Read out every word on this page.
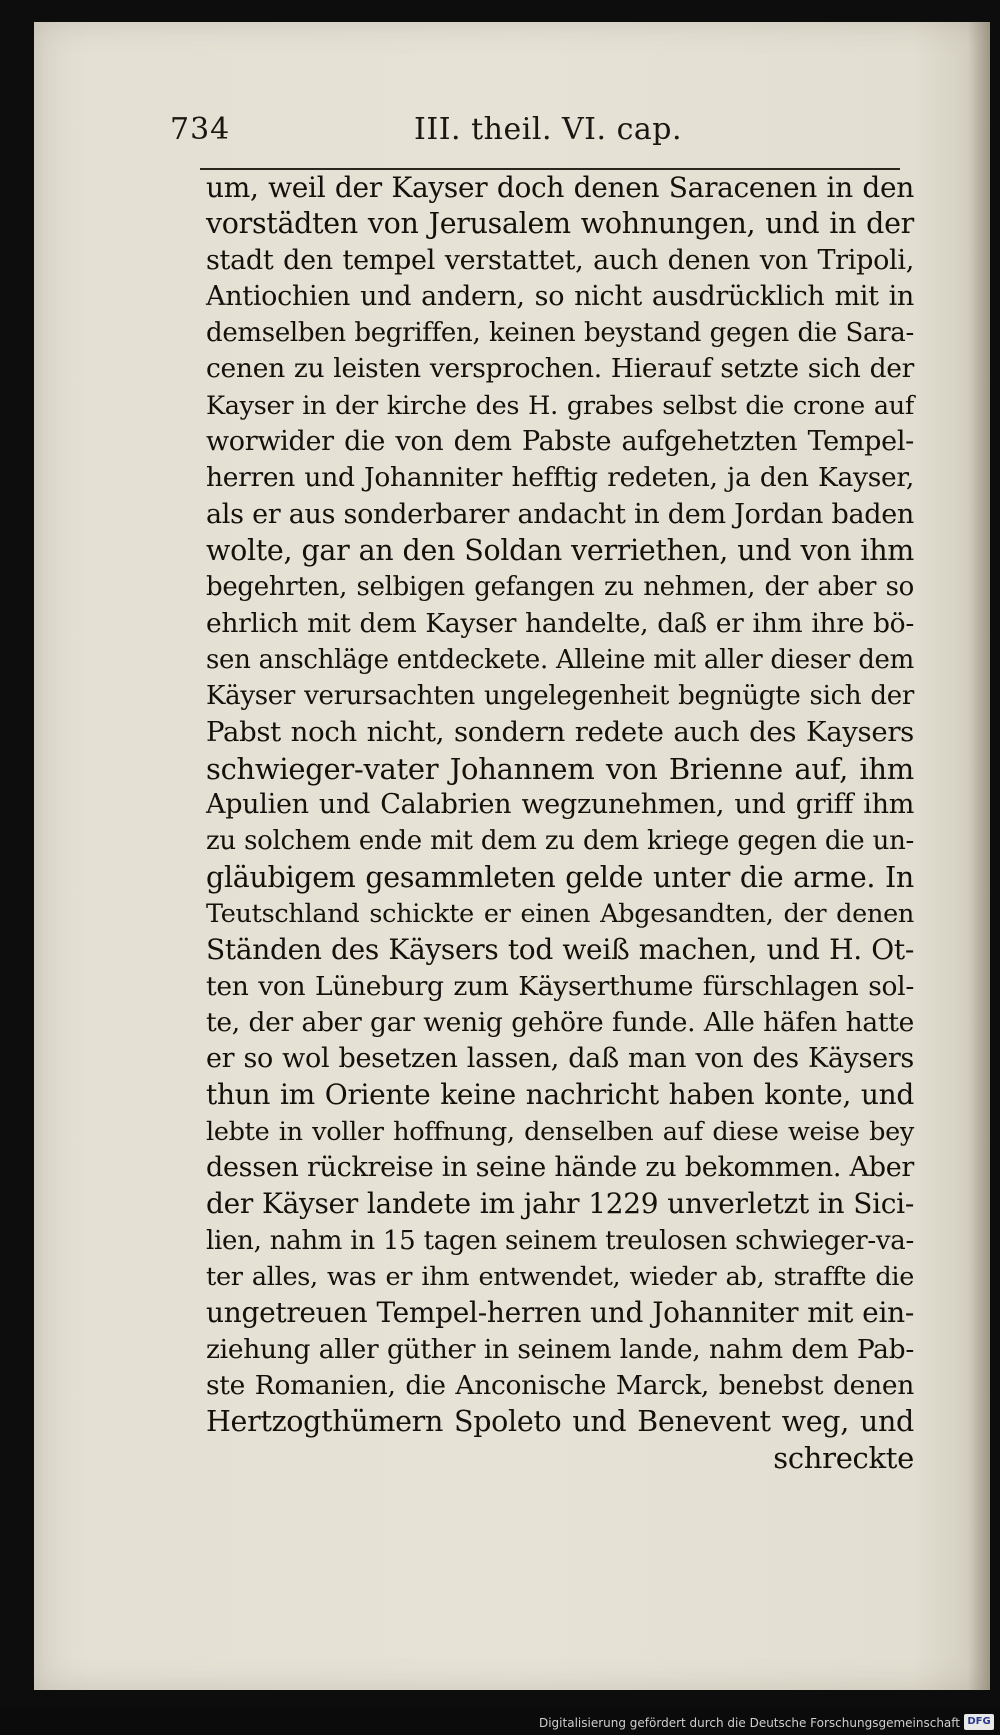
734	III. theil. VI. cap.
um, weil der Kayser doch denen Saracenen in den
vorstädten von Jerusalem wohnungen, und in der
stadt den tempel verstattet, auch denen von Tripoli,
Antiochien und andern, so nicht ausdrücklich mit in
demselben begriffen, keinen beystand gegen die Sara-
cenen zu leisten versprochen. Hierauf setzte sich der
Kayser in der kirche des H. grabes selbst die crone auf
worwider die von dem Pabste aufgehetzten Tempel-
herren und Johanniter hefftig redeten, ja den Kayser,
als er aus sonderbarer andacht in dem Jordan baden
wolte, gar an den Soldan verriethen, und von ihm
begehrten, selbigen gefangen zu nehmen, der aber so
ehrlich mit dem Kayser handelte, daß er ihm ihre bö-
sen anschläge entdeckete. Alleine mit aller dieser dem
Käyser verursachten ungelegenheit begnügte sich der
Pabst noch nicht, sondern redete auch des Kaysers
schwieger-vater Johannem von Brienne auf, ihm
Apulien und Calabrien wegzunehmen, und griff ihm
zu solchem ende mit dem zu dem kriege gegen die un-
gläubigem gesammleten gelde unter die arme. In
Teutschland schickte er einen Abgesandten, der denen
Ständen des Käysers tod weiß machen, und H. Ot-
ten von Lüneburg zum Käyserthume fürschlagen sol-
te, der aber gar wenig gehöre funde. Alle häfen hatte
er so wol besetzen lassen, daß man von des Käysers
thun im Oriente keine nachricht haben konte, und
lebte in voller hoffnung, denselben auf diese weise bey
dessen rückreise in seine hände zu bekommen. Aber
der Käyser landete im jahr 1229 unverletzt in Sici-
lien, nahm in 15 tagen seinem treulosen schwieger-va-
ter alles, was er ihm entwendet, wieder ab, straffte die
ungetreuen Tempel-herren und Johanniter mit ein-
ziehung aller güther in seinem lande, nahm dem Pab-
ste Romanien, die Anconische Marck, benebst denen
Hertzogthümern Spoleto und Benevent weg, und
schreckte
Digitalisierung gefördert durch die Deutsche Forschungsgemeinschaft DFG
